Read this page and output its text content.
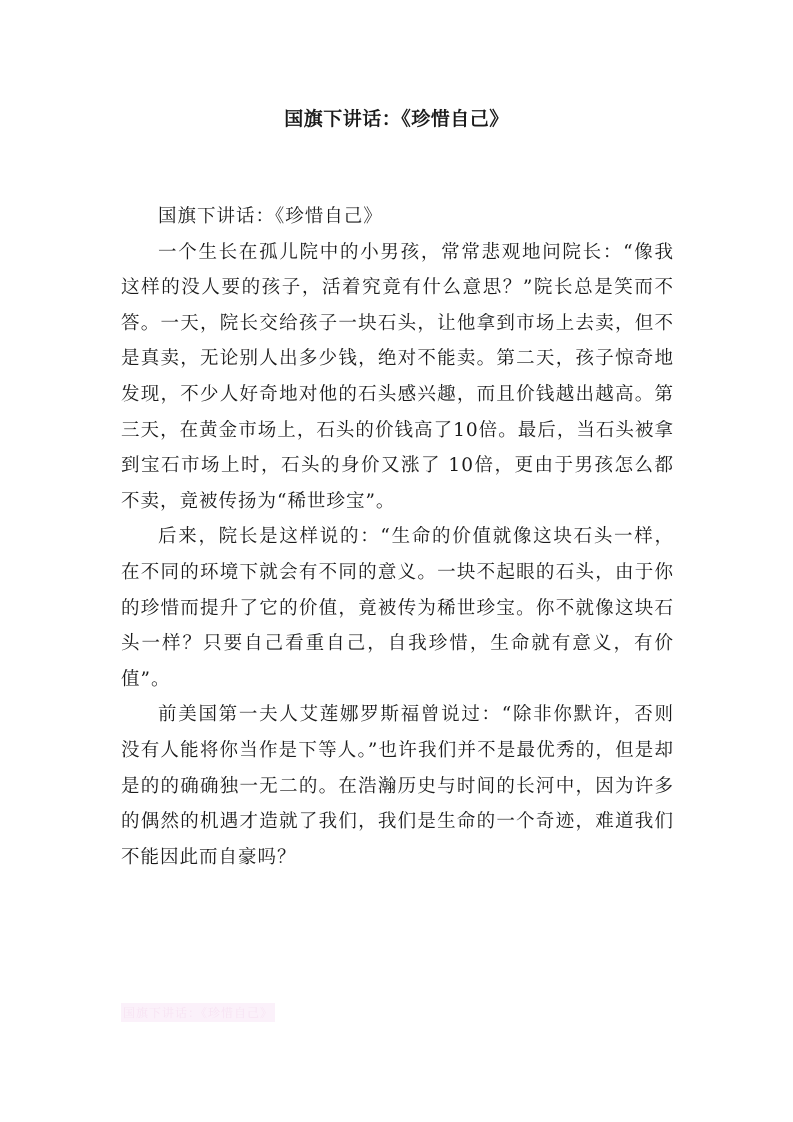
国旗下讲话：《珍惜自己》

国旗下讲话：《珍惜自己》

一个生长在孤儿院中的小男孩，常常悲观地问院长：“像我这样的没人要的孩子，活着究竟有什么意思？”院长总是笑而不答。一天，院长交给孩子一块石头，让他拿到市场上去卖，但不是真卖，无论别人出多少钱，绝对不能卖。第二天，孩子惊奇地发现，不少人好奇地对他的石头感兴趣，而且价钱越出越高。第三天，在黄金市场上，石头的价钱高了10倍。最后，当石头被拿到宝石市场上时，石头的身价又涨了 10倍，更由于男孩怎么都不卖，竟被传扬为“稀世珍宝”。

后来，院长是这样说的：“生命的价值就像这块石头一样，在不同的环境下就会有不同的意义。一块不起眼的石头，由于你的珍惜而提升了它的价值，竟被传为稀世珍宝。你不就像这块石头一样？只要自己看重自己，自我珍惜，生命就有意义，有价值”。

前美国第一夫人艾莲娜罗斯福曾说过：“除非你默许，否则没有人能将你当作是下等人。”也许我们并不是最优秀的，但是却是的的确确独一无二的。在浩瀚历史与时间的长河中，因为许多的偶然的机遇才造就了我们，我们是生命的一个奇迹，难道我们不能因此而自豪吗？

国旗下讲话：《珍惜自己》
